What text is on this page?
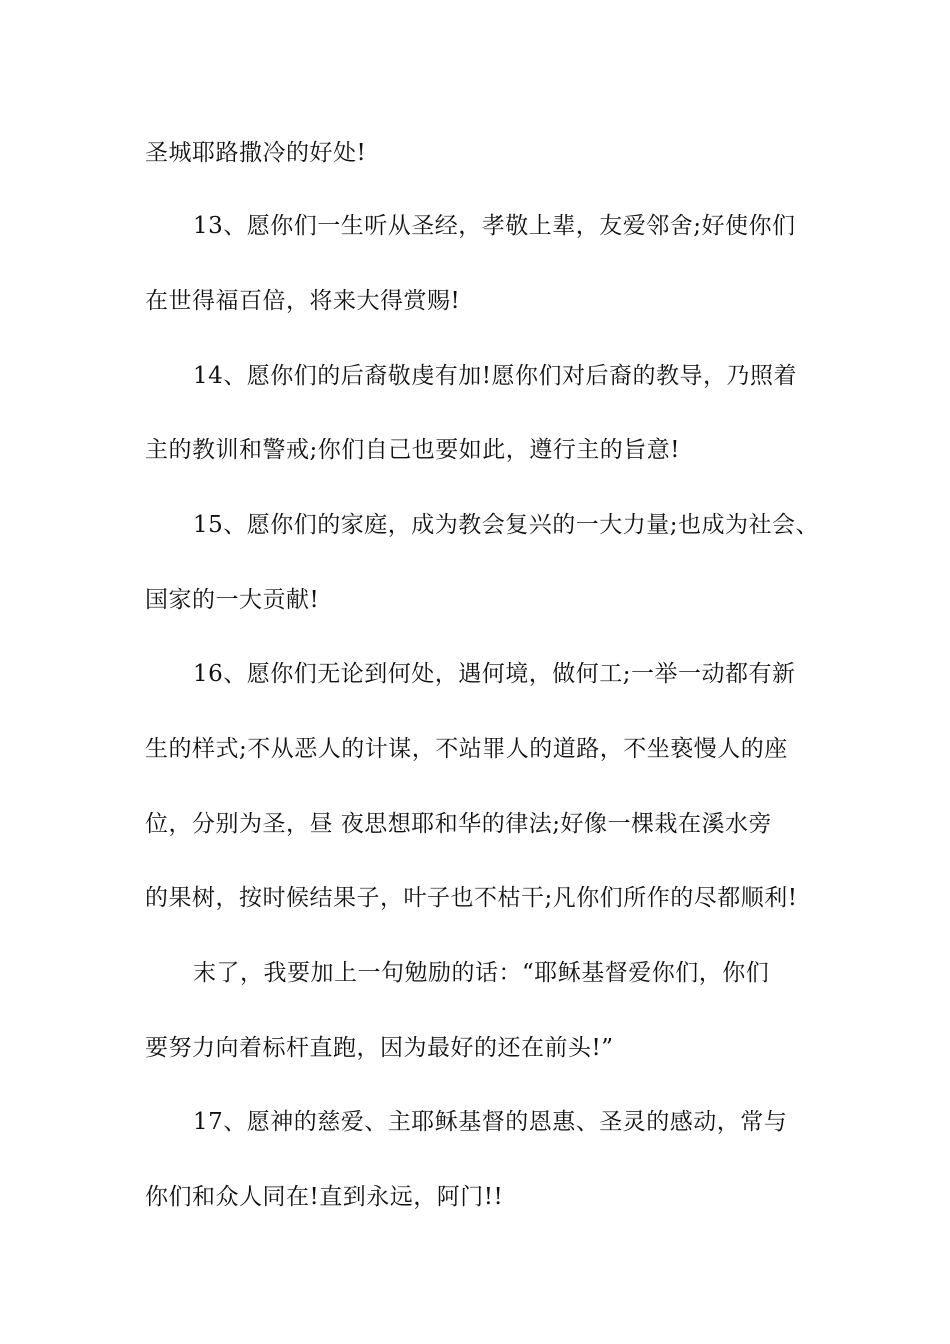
圣城耶路撒冷的好处!
13、愿你们一生听从圣经，孝敬上辈，友爱邻舍;好使你们
在世得福百倍，将来大得赏赐!
14、愿你们的后裔敬虔有加!愿你们对后裔的教导，乃照着
主的教训和警戒;你们自己也要如此，遵行主的旨意!
15、愿你们的家庭，成为教会复兴的一大力量;也成为社会、
国家的一大贡献!
16、愿你们无论到何处，遇何境，做何工;一举一动都有新
生的样式;不从恶人的计谋，不站罪人的道路，不坐亵慢人的座
位，分别为圣，昼 夜思想耶和华的律法;好像一棵栽在溪水旁
的果树，按时候结果子，叶子也不枯干;凡你们所作的尽都顺利!
末了，我要加上一句勉励的话：“耶稣基督爱你们，你们
要努力向着标杆直跑，因为最好的还在前头!”
17、愿神的慈爱、主耶稣基督的恩惠、圣灵的感动，常与
你们和众人同在!直到永远，阿门!!
